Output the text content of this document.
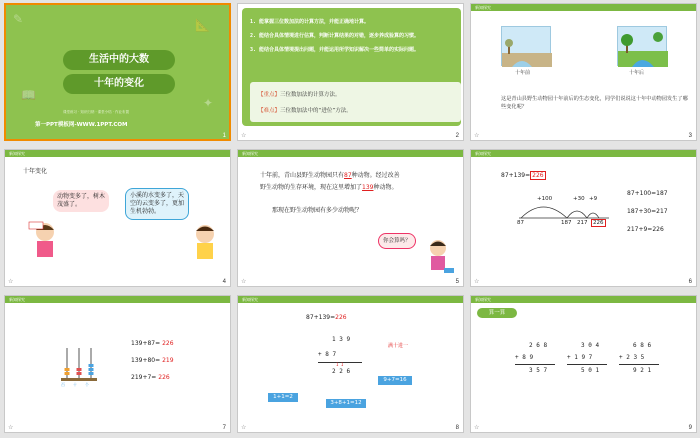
✎	📐
📖
✦
生活中的大数
十年的变化
课堂练习 · 知识归纳 · 课堂小结 · 作业布置
第一PPT模板网-WWW.1PPT.COM
1
1. 能掌握三位数加法的计算方法，并能正确地计算。
2. 能结合具体情境进行估算，判断计算结果的对错，逐步养成验算的习惯。
3. 能结合具体情境提出问题，并能运用所学知识解决一些简单的实际问题。
【重点】三位数加法的计算方法。
【难点】三位数加法中的“进位”方法。
☆	2
新知探究
十年前	十年后
这是青山县野生动物园十年前后的生态变化，同学们说说这十年中动物园发生了哪些变化呢？
☆	3
新知探究
十年变化
动物变多了，树木茂盛了。
小溪的水变多了，天空的云变多了，更加生机勃勃。
☆	4
新知探究
十年前，青山县野生动物园只有87种动物。经过改善
野生动物的生存环境，现在这里增加了139种动物。
那现在野生动物园有多少动物呢？
你会算吗？
☆	5
新知探究
87+139= 226
+100	+30 +9
87	187 217	226
87+100=187
187+30=217
217+9=226
☆	6
新知探究
百 十 个
139+87= 226
139+80= 219
219+7= 226
☆	7
新知探究
87+139=226
1 3 9
+ 8 7
1 1
2 2 6
满十进一
9+7=16
3+8+1=12
1+1=2
☆	8
新知探究
算一算
2 6 8
+ 8 9
3 5 7
3 0 4
+ 1 9 7
5 0 1
6 8 6
+ 2 3 5
9 2 1
☆	9
